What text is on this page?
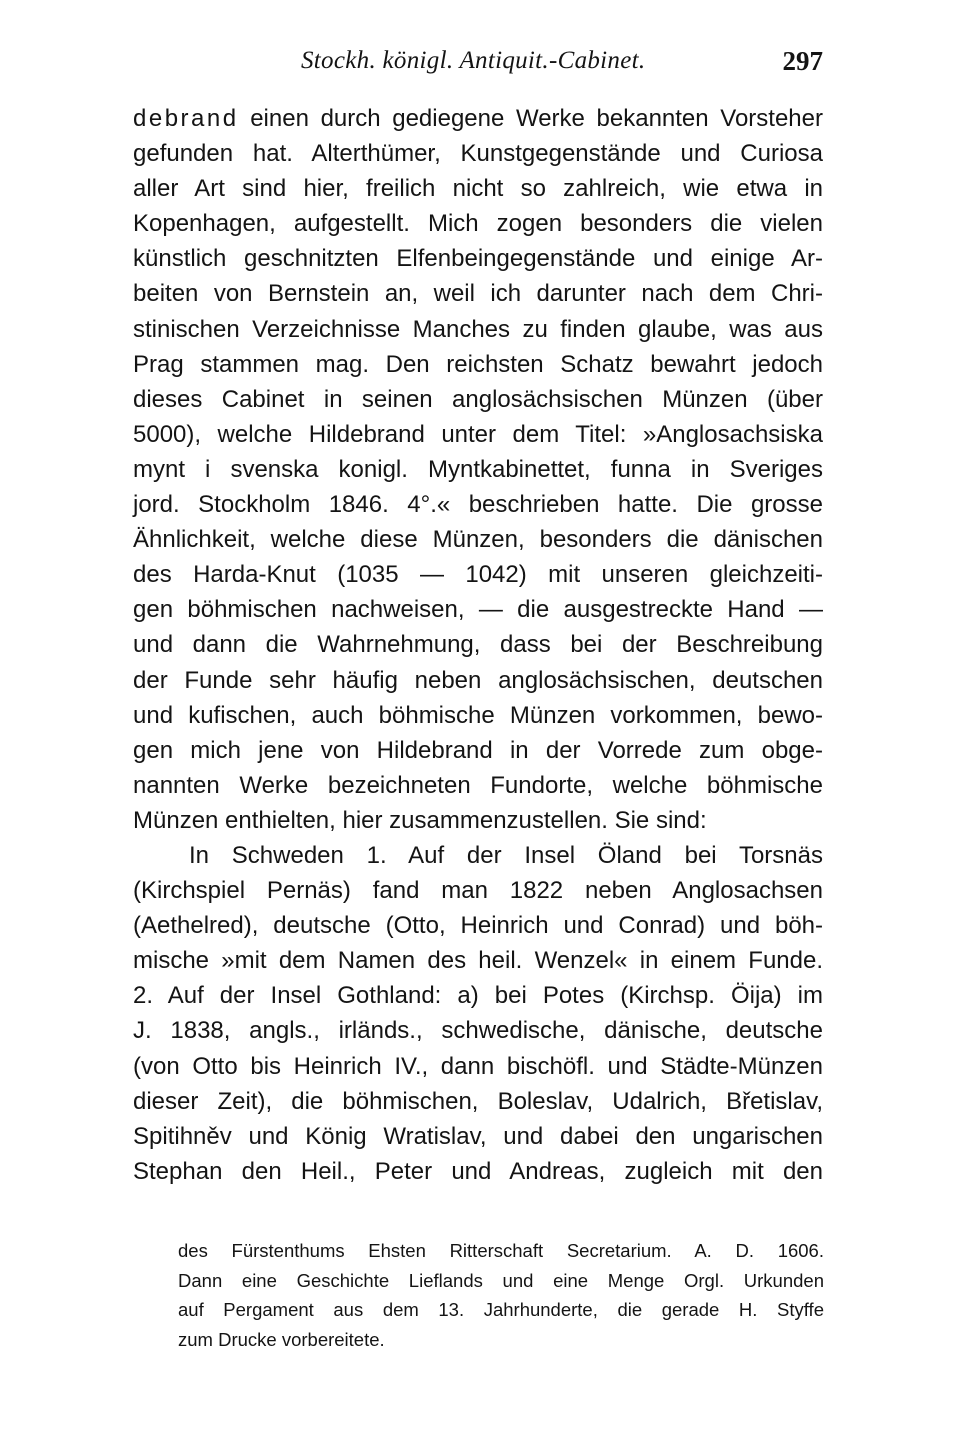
Stockh. königl. Antiquit.-Cabinet.	297
debrand einen durch gediegene Werke bekannten Vorsteher
gefunden hat. Alterthümer, Kunstgegenstände und Curiosa
aller Art sind hier, freilich nicht so zahlreich, wie etwa in
Kopenhagen, aufgestellt. Mich zogen besonders die vielen
künstlich geschnitzten Elfenbeingegenstände und einige Ar-
beiten von Bernstein an, weil ich darunter nach dem Chri-
stinischen Verzeichnisse Manches zu finden glaube, was aus
Prag stammen mag. Den reichsten Schatz bewahrt jedoch
dieses Cabinet in seinen anglosächsischen Münzen (über
5000), welche Hildebrand unter dem Titel: »Anglosachsiska
mynt i svenska konigl. Myntkabinettet, funna in Sveriges
jord. Stockholm 1846. 4°.« beschrieben hatte. Die grosse
Ähnlichkeit, welche diese Münzen, besonders die dänischen
des Harda-Knut (1035 — 1042) mit unseren gleichzeiti-
gen böhmischen nachweisen, — die ausgestreckte Hand —
und dann die Wahrnehmung, dass bei der Beschreibung
der Funde sehr häufig neben anglosächsischen, deutschen
und kufischen, auch böhmische Münzen vorkommen, bewo-
gen mich jene von Hildebrand in der Vorrede zum obge-
nannten Werke bezeichneten Fundorte, welche böhmische
Münzen enthielten, hier zusammenzustellen. Sie sind:
In Schweden 1. Auf der Insel Öland bei Torsnäs
(Kirchspiel Pernäs) fand man 1822 neben Anglosachsen
(Aethelred), deutsche (Otto, Heinrich und Conrad) und böh-
mische »mit dem Namen des heil. Wenzel« in einem Funde.
2. Auf der Insel Gothland: a) bei Potes (Kirchsp. Öija) im
J. 1838, angls., irländs., schwedische, dänische, deutsche
(von Otto bis Heinrich IV., dann bischöfl. und Städte-Münzen
dieser Zeit), die böhmischen, Boleslav, Udalrich, Břetislav,
Spitihněv und König Wratislav, und dabei den ungarischen
Stephan den Heil., Peter und Andreas, zugleich mit den
des Fürstenthums Ehsten Ritterschaft Secretarium. A. D. 1606.
Dann eine Geschichte Lieflands und eine Menge Orgl. Urkunden
auf Pergament aus dem 13. Jahrhunderte, die gerade H. Styffe
zum Drucke vorbereitete.
